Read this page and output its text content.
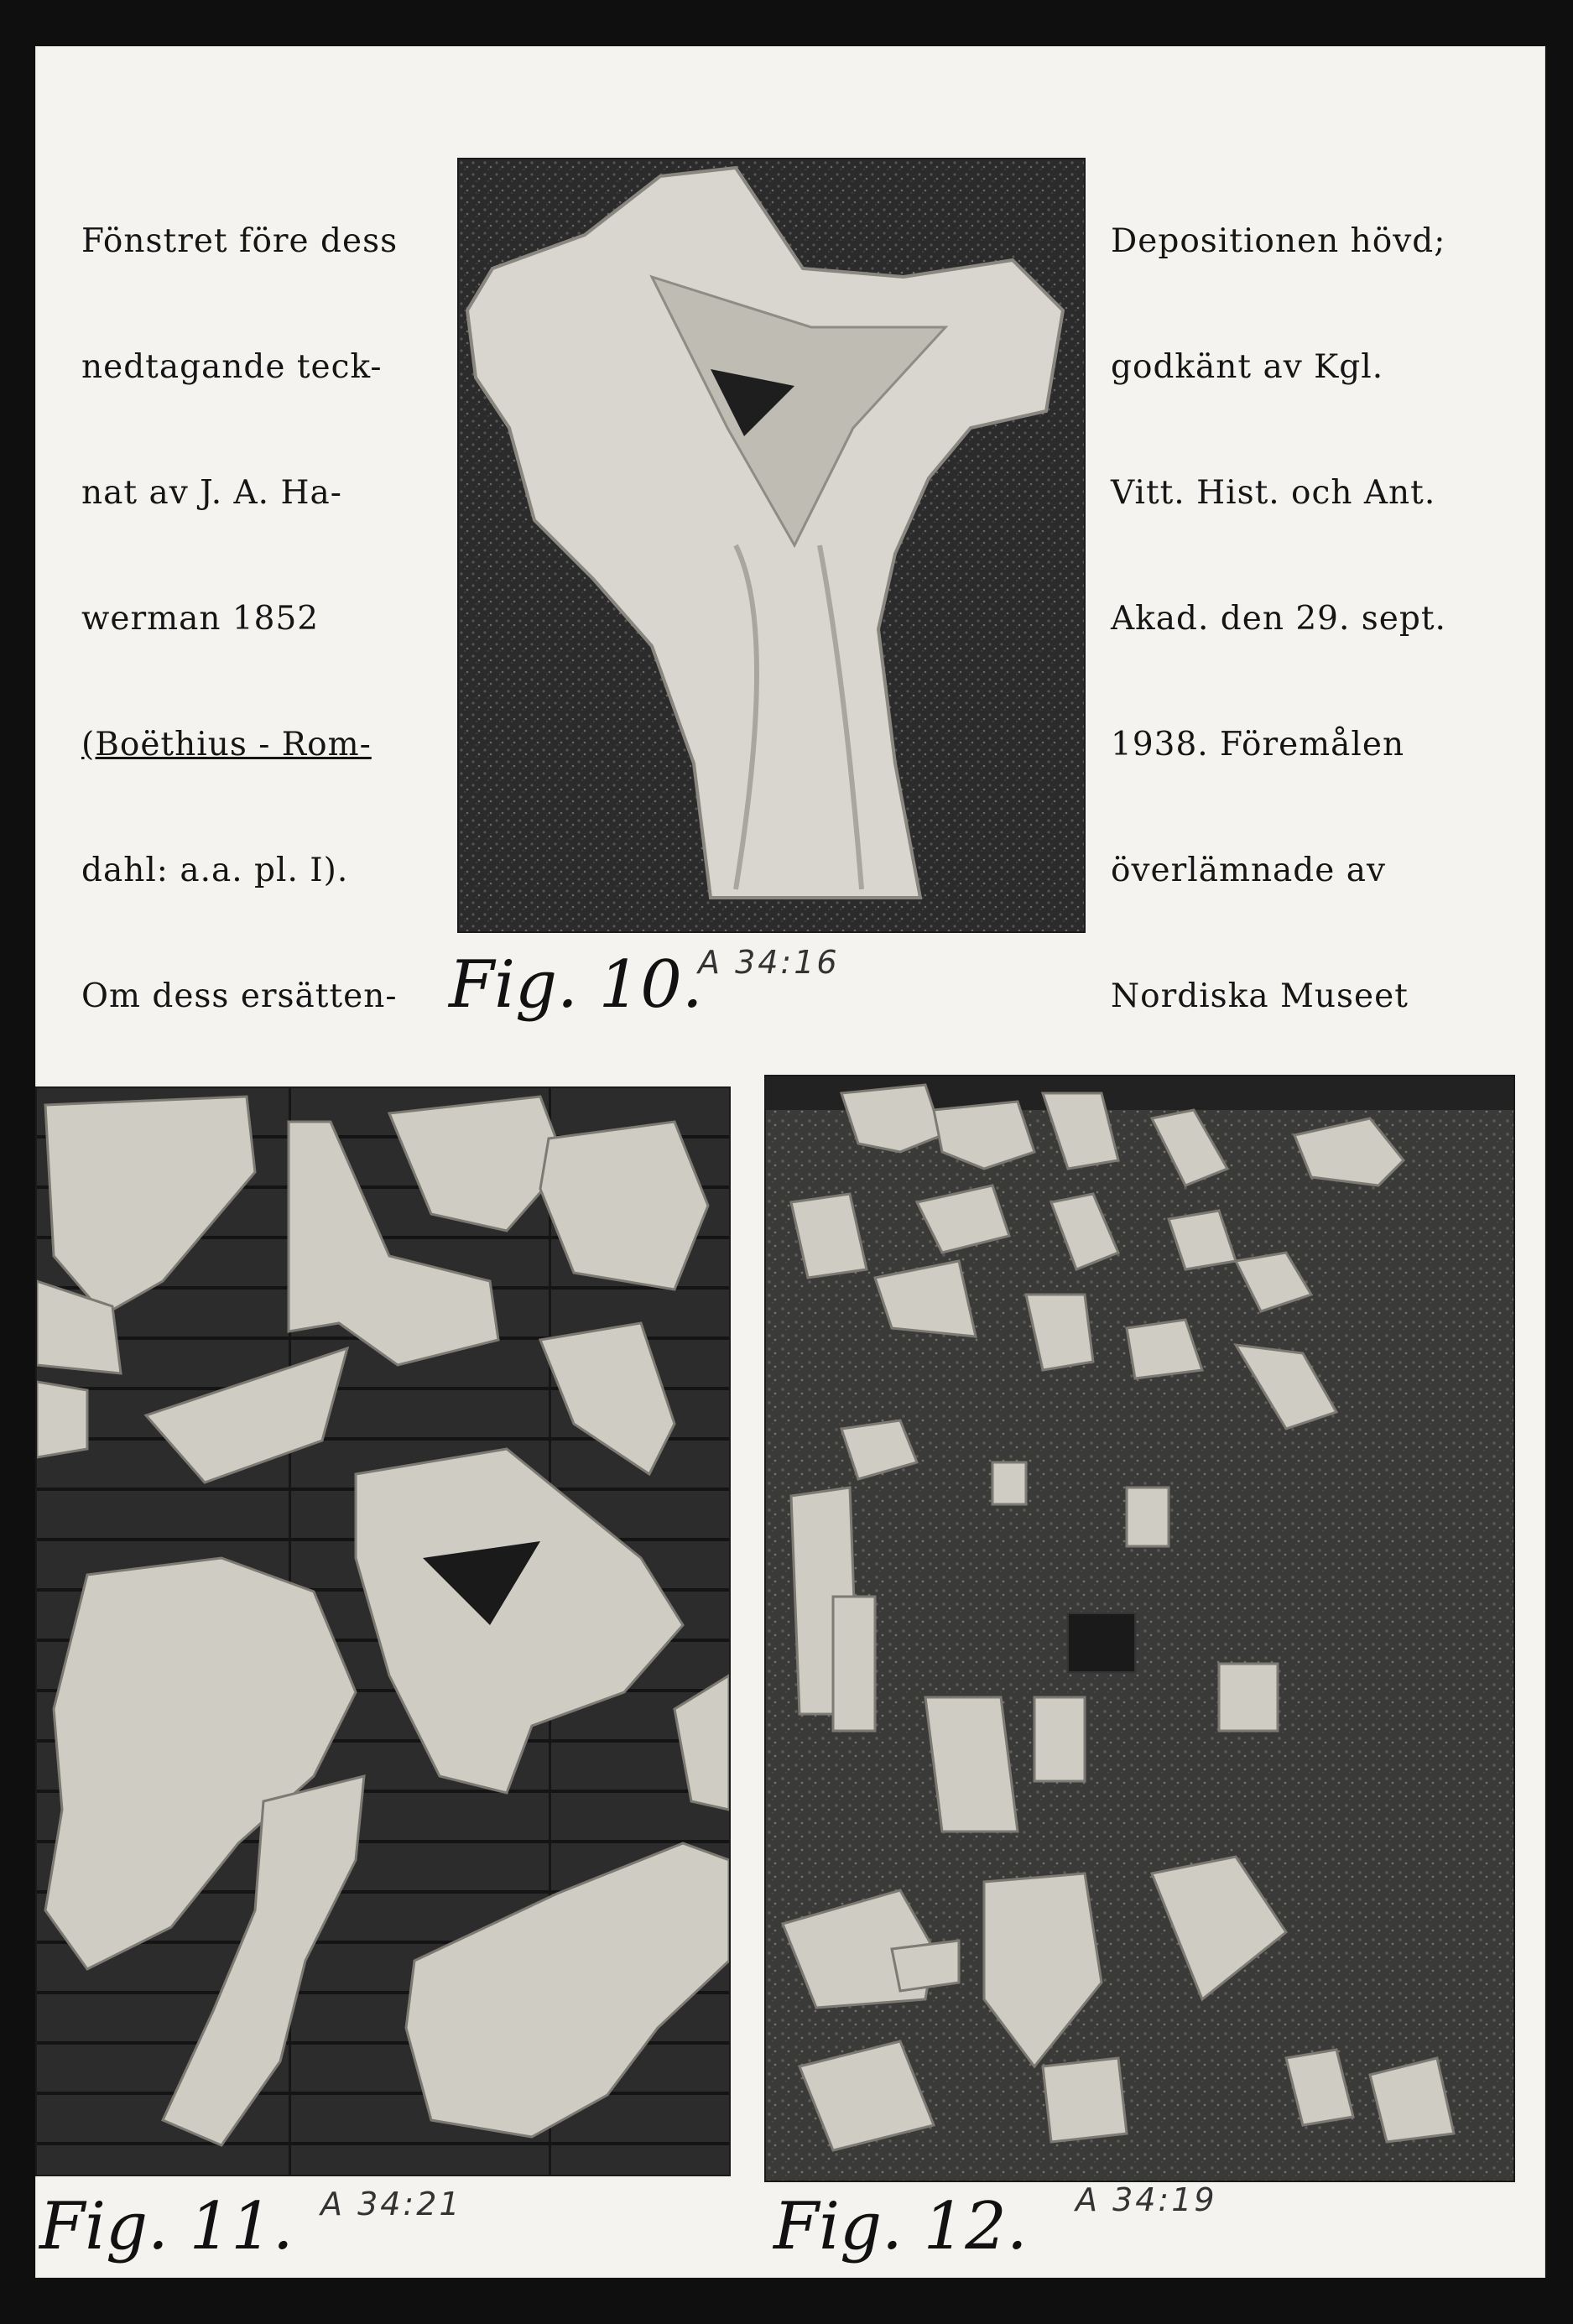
Fönstret före dess

nedtagande teck-

nat av J. A. Ha-

werman 1852

(Boëthius - Rom-

dahl: a.a. pl. I).

Om dess ersätten-

Depositionen hövd;

godkänt av Kgl.

Vitt. Hist. och Ant.

Akad. den 29. sept.

1938. Föremålen

överlämnade av

Nordiska Museet

Fig. 10.
A 34:16
Fig. 11. A 34:21	Fig. 12. A 34:19
